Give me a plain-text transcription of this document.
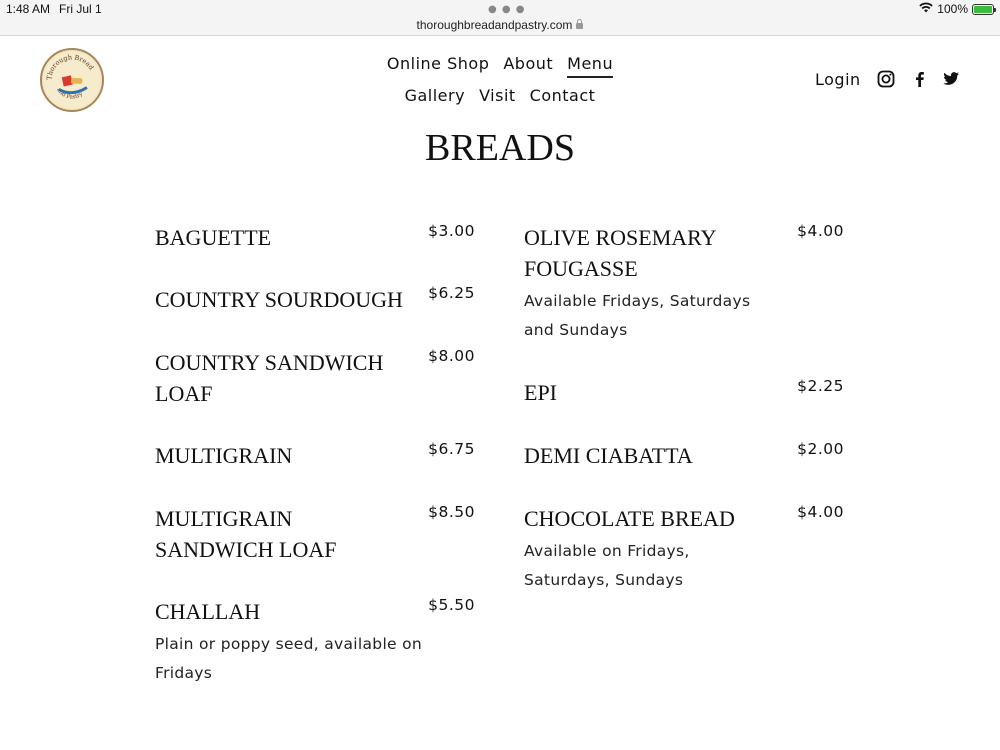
1:48 AM Fri Jul 1	● ● ●	100%
thoroughbreadandpastry.com
Thorough Bread
and Pastry
Online Shop About Menu
Gallery Visit Contact
Login
BREADS
BAGUETTE	$3.00
COUNTRY SOURDOUGH	$6.25
COUNTRY SANDWICH LOAF
$8.00
MULTIGRAIN	$6.75
MULTIGRAIN SANDWICH LOAF
$8.50
CHALLAH	$5.50
Plain or poppy seed, available on Fridays
OLIVE ROSEMARY FOUGASSE
$4.00
Available Fridays, Saturdays and Sundays
EPI	$2.25
DEMI CIABATTA	$2.00
CHOCOLATE BREAD	$4.00
Available on Fridays, Saturdays, Sundays
